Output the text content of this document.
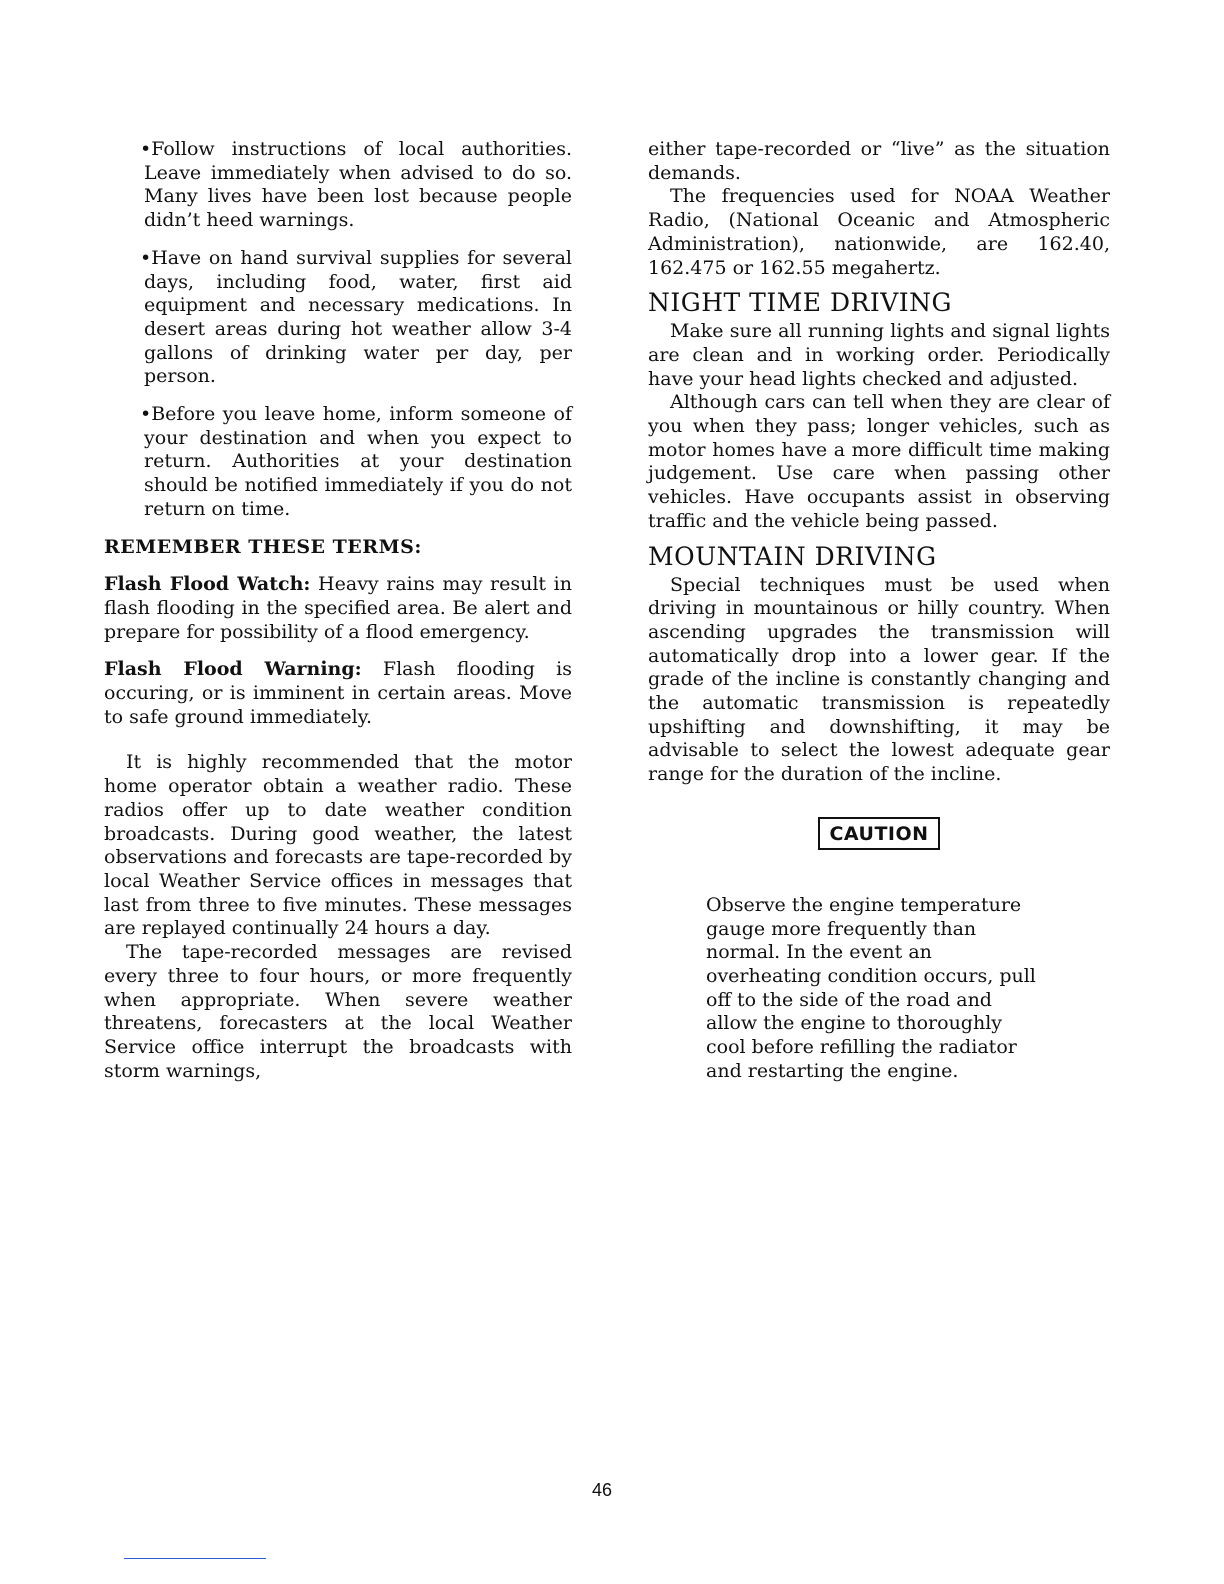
• Follow instructions of local authorities. Leave immediately when advised to do so. Many lives have been lost because people didn’t heed warnings.

• Have on hand survival supplies for several days, including food, water, first aid equipment and necessary medications. In desert areas during hot weather allow 3-4 gallons of drinking water per day, per person.

• Before you leave home, inform someone of your destination and when you expect to return. Authorities at your destination should be notified immediately if you do not return on time.

REMEMBER THESE TERMS:

Flash Flood Watch: Heavy rains may result in flash flooding in the specified area. Be alert and prepare for possibility of a flood emergency.

Flash Flood Warning: Flash flooding is occuring, or is imminent in certain areas. Move to safe ground immediately.

It is highly recommended that the motor home operator obtain a weather radio. These radios offer up to date weather condition broadcasts. During good weather, the latest observations and forecasts are tape-recorded by local Weather Service offices in messages that last from three to five minutes. These messages are replayed continually 24 hours a day.

The tape-recorded messages are revised every three to four hours, or more frequently when appropriate. When severe weather threatens, forecasters at the local Weather Service office interrupt the broadcasts with storm warnings,

either tape-recorded or “live” as the situation demands.

The frequencies used for NOAA Weather Radio, (National Oceanic and Atmospheric Administration), nationwide, are 162.40, 162.475 or 162.55 megahertz.

NIGHT TIME DRIVING

Make sure all running lights and signal lights are clean and in working order. Periodically have your head lights checked and adjusted.

Although cars can tell when they are clear of you when they pass; longer vehicles, such as motor homes have a more difficult time making judgement. Use care when passing other vehicles. Have occupants assist in observing traffic and the vehicle being passed.

MOUNTAIN DRIVING

Special techniques must be used when driving in mountainous or hilly country. When ascending upgrades the transmission will automatically drop into a lower gear. If the grade of the incline is constantly changing and the automatic transmission is repeatedly upshifting and downshifting, it may be advisable to select the lowest adequate gear range for the duration of the incline.

CAUTION

Observe the engine temperature gauge more frequently than normal. In the event an overheating condition occurs, pull off to the side of the road and allow the engine to thoroughly cool before refilling the radiator and restarting the engine.

46
